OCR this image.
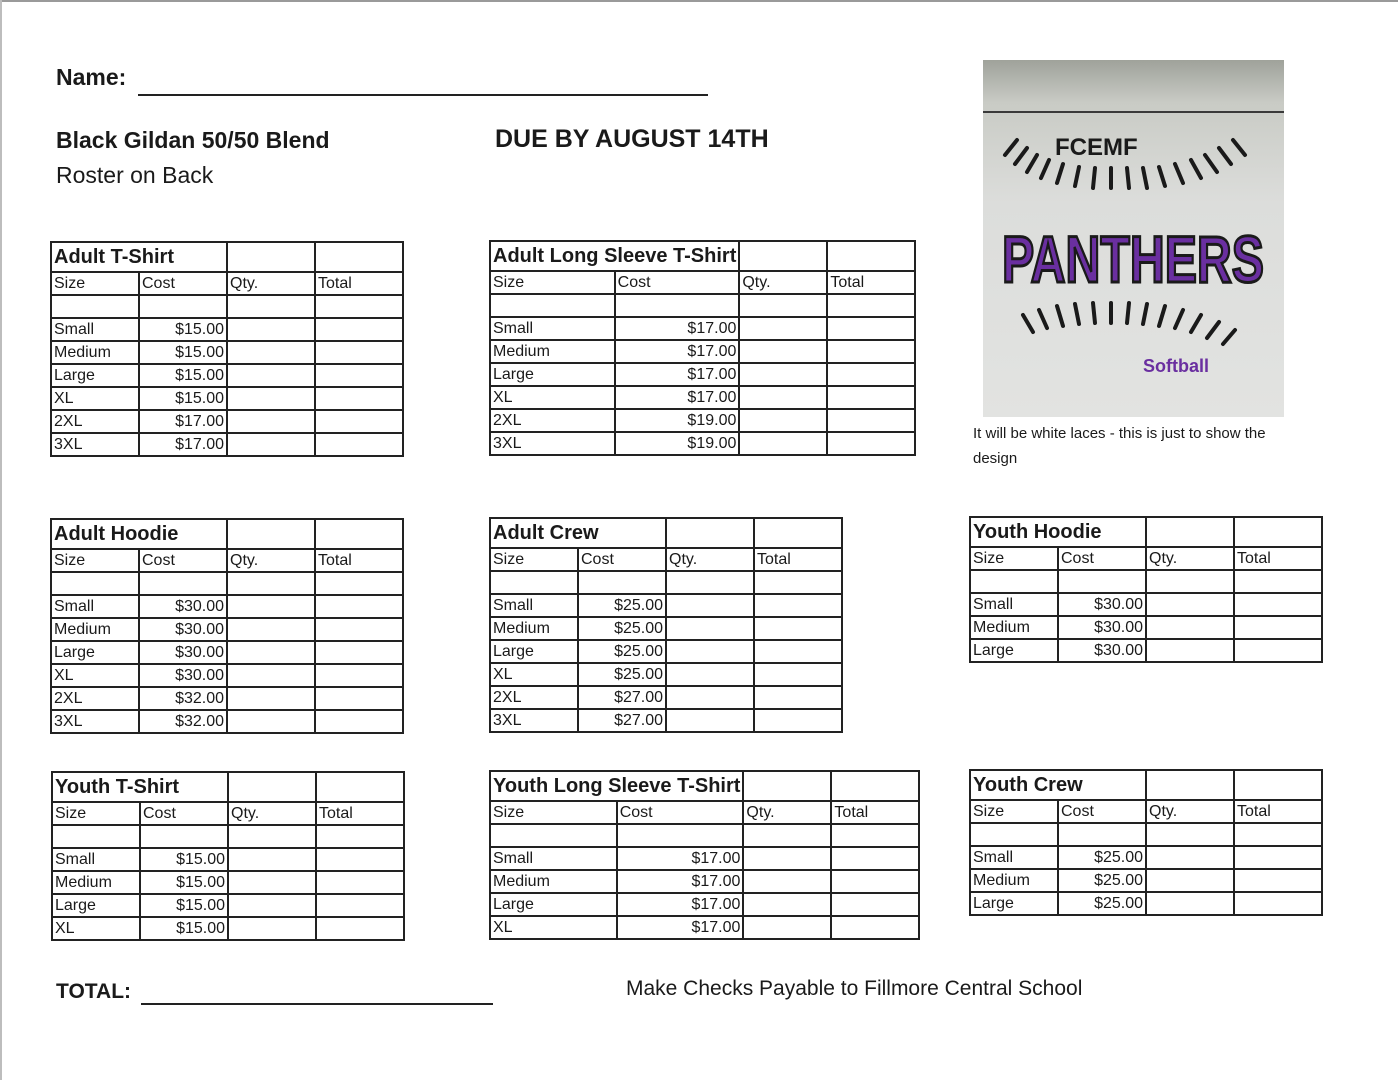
Name:
Black Gildan 50/50 Blend
Roster on Back
DUE BY AUGUST 14TH	FCEMF
PANTHERS
Softball
It will be white laces - this is just to show the design
Adult T-Shirt			
Size	Cost	Qty.	Total

Small	$15.00		
Medium	$15.00		
Large	$15.00		
XL	$15.00		
2XL	$17.00		
3XL	$17.00		
Adult Long Sleeve T-Shirt			
Size	Cost	Qty.	Total

Small	$17.00		
Medium	$17.00		
Large	$17.00		
XL	$17.00		
2XL	$19.00		
3XL	$19.00		
Adult Hoodie			
Size	Cost	Qty.	Total

Small	$30.00		
Medium	$30.00		
Large	$30.00		
XL	$30.00		
2XL	$32.00		
3XL	$32.00		
Adult Crew			
Size	Cost	Qty.	Total

Small	$25.00		
Medium	$25.00		
Large	$25.00		
XL	$25.00		
2XL	$27.00		
3XL	$27.00		
Youth Hoodie			
Size	Cost	Qty.	Total

Small	$30.00		
Medium	$30.00		
Large	$30.00		
Youth T-Shirt			
Size	Cost	Qty.	Total

Small	$15.00		
Medium	$15.00		
Large	$15.00		
XL	$15.00		
Youth Long Sleeve T-Shirt			
Size	Cost	Qty.	Total

Small	$17.00		
Medium	$17.00		
Large	$17.00		
XL	$17.00		
Youth Crew			
Size	Cost	Qty.	Total

Small	$25.00		
Medium	$25.00		
Large	$25.00		
TOTAL:	Make Checks Payable to Fillmore Central School
